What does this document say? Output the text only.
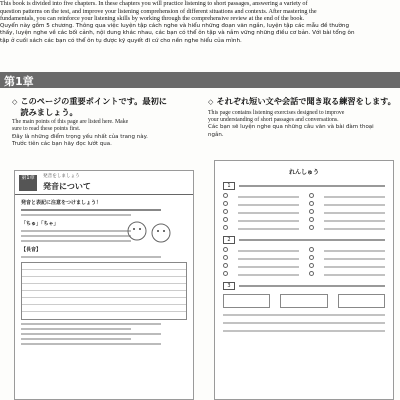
This book is divided into five chapters. In these chapters you will practice listening to short passages, answering a variety of

question patterns on the test, and improve your listening comprehension of different situations and contexts. After mastering the

fundamentals, you can reinforce your listening skills by working through the comprehensive review at the end of the book.

Quyển này gồm 5 chương. Thông qua việc luyện tập cách nghe và hiểu những đoạn văn ngắn, luyện tập các mẫu đề thường

thấy, luyện nghe về các bối cảnh, nội dung khác nhau, các bạn có thể ôn tập và nắm vững những điều cơ bản. Với bài tổng ôn

tập ở cuối sách các bạn có thể ôn tụ được kỹ quyết đi cứ cho nền nghe hiểu của mình.

第1章
◇ このページの重要ポイントです。最初に
読みましょう。
The main points of this page are listed here. Make
sure to read these points first.
Đây là những điểm trọng yếu nhất của trang này.
Trước tiên các bạn hãy đọc lướt qua.
◇ それぞれ短い文や会話で聞き取る練習をします。
This page contains listening exercises designed to improve
your understanding of short passages and conversations.
Các bạn sẽ luyện nghe qua những câu văn và bài đàm thoại
ngắn.
第1章	発音をしましょう
発音について
発音と表記に注意をつけましょう！
「ちゅ」「ちゃ」
【長音】
れんしゅう
1
2
3
